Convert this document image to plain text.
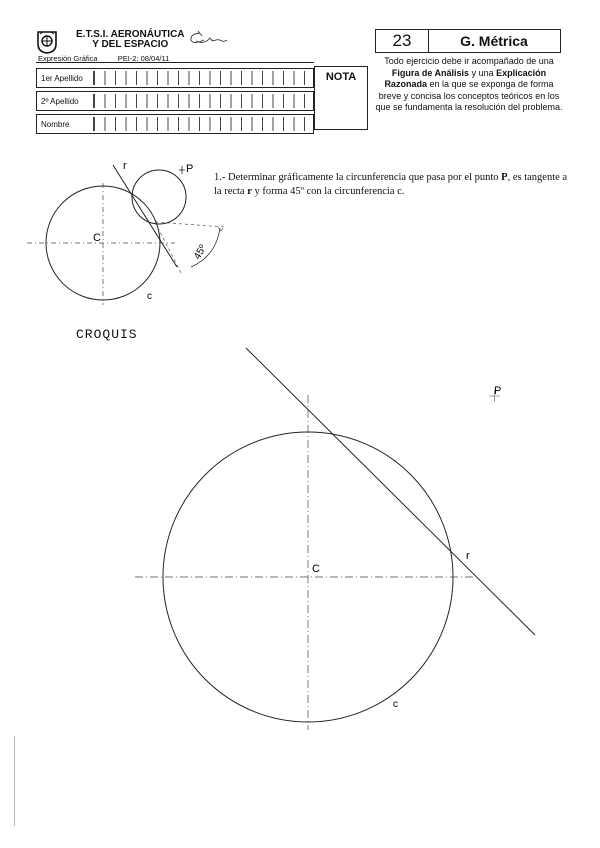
E.T.S.I. AERONÁUTICA
Y DEL ESPACIO
Expresión Gráfica	PEI-2: 08/04/11
1er Apellido
2º Apellido
Nombre
NOTA
23	G. Métrica
Todo ejercicio debe ir acompañado de una Figura de Análisis y una Explicación Razonada en la que se exponga de forma breve y concisa los conceptos teóricos en los que se fundamenta la resolución del problema.
r	P
C
c
45º
1.- Determinar gráficamente la circunferencia que pasa por el punto P, es tangente a la recta r y forma 45º con la circunferencia c.
CROQUIS
P
C
r
c
